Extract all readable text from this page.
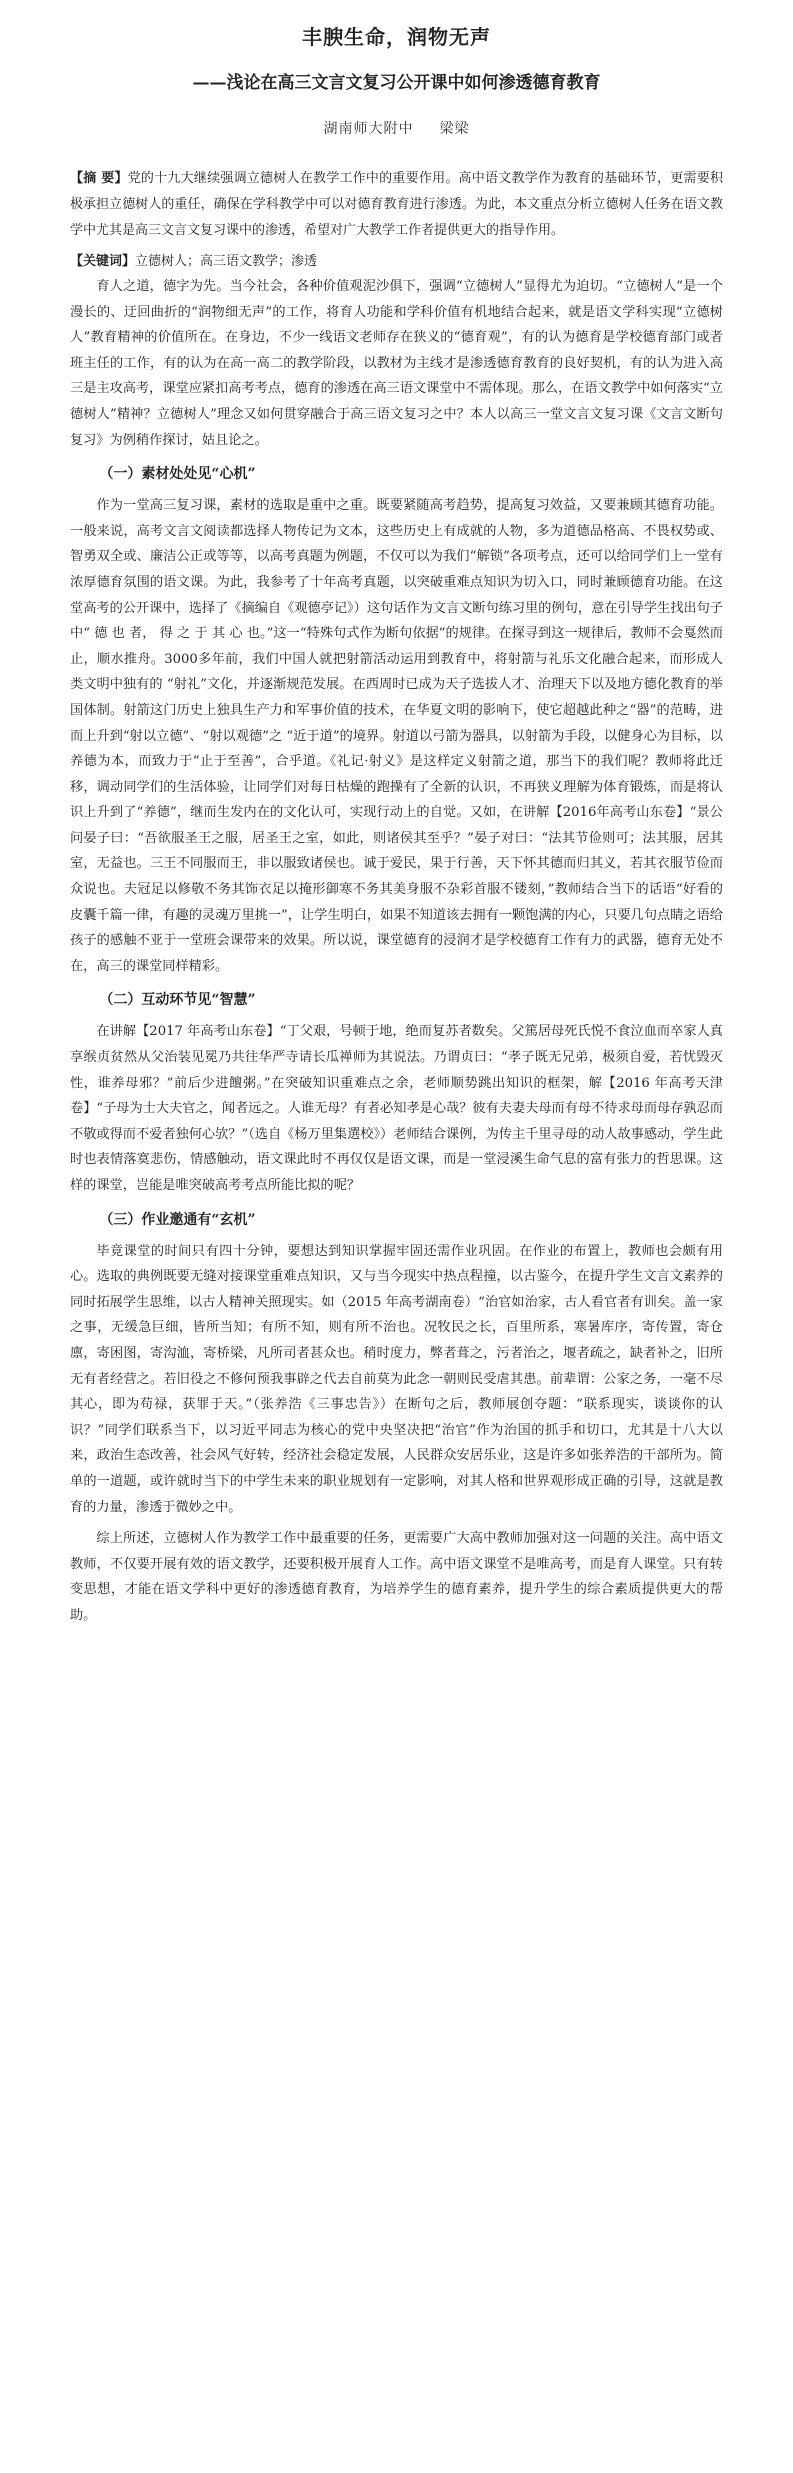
丰腴生命，润物无声
——浅论在高三文言文复习公开课中如何渗透德育教育
湖南师大附中 梁梁

【摘 要】党的十九大继续强调立德树人在教学工作中的重要作用。高中语文教学作为教育的基础环节，更需要积极承担立德树人的重任，确保在学科教学中可以对德育教育进行渗透。为此，本文重点分析立德树人任务在语文教学中尤其是高三文言文复习课中的渗透，希望对广大教学工作者提供更大的指导作用。

【关键词】立德树人；高三语文教学；渗透

育人之道，德字为先。当今社会，各种价值观泥沙俱下，强调“立德树人”显得尤为迫切。“立德树人”是一个漫长的、迂回曲折的“润物细无声”的工作，将育人功能和学科价值有机地结合起来，就是语文学科实现“立德树人”教育精神的价值所在。在身边，不少一线语文老师存在狭义的“德育观”，有的认为德育是学校德育部门或者班主任的工作，有的认为在高一高二的教学阶段，以教材为主线才是渗透德育教育的良好契机，有的认为进入高三是主攻高考，课堂应紧扣高考考点，德育的渗透在高三语文课堂中不需体现。那么，在语文教学中如何落实“立德树人”精神？立德树人”理念又如何贯穿融合于高三语文复习之中？本人以高三一堂文言文复习课《文言文断句复习》为例稍作探讨，姑且论之。

（一）素材处处见“心机”

作为一堂高三复习课，素材的选取是重中之重。既要紧随高考趋势，提高复习效益，又要兼顾其德育功能。一般来说，高考文言文阅读都选择人物传记为文本，这些历史上有成就的人物，多为道德品格高、不畏权势或、智勇双全或、廉洁公正或等等，以高考真题为例题，不仅可以为我们“解锁”各项考点，还可以给同学们上一堂有浓厚德育氛围的语文课。为此，我参考了十年高考真题，以突破重难点知识为切入口，同时兼顾德育功能。在这堂高考的公开课中，选择了《摘编自《观德亭记》）这句话作为文言文断句练习里的例句，意在引导学生找出句子中“ 德 也 者， 得 之 于 其 心 也。”这一“特殊句式作为断句依据”的规律。在探寻到这一规律后，教师不会戛然而止，顺水推舟。3000多年前，我们中国人就把射箭活动运用到教育中，将射箭与礼乐文化融合起来，而形成人类文明中独有的 “射礼”文化，并逐渐规范发展。在西周时已成为天子选拔人才、治理天下以及地方德化教育的举国体制。射箭这门历史上独具生产力和军事价值的技术，在华夏文明的影响下，使它超越此种之“器”的范畴，进而上升到“射以立德”、“射以观德”之 “近于道”的境界。射道以弓箭为器具，以射箭为手段，以健身心为目标，以养德为本，而致力于“止于至善”，合乎道。《礼记·射义》是这样定义射箭之道，那当下的我们呢？教师将此迁移，调动同学们的生活体验，让同学们对每日枯燥的跑操有了全新的认识，不再狭义理解为体育锻炼，而是将认识上升到了“养德”，继而生发内在的文化认可，实现行动上的自觉。又如，在讲解【2016年高考山东卷】“景公问晏子曰：“吾欲服圣王之服，居圣王之室，如此，则诸侯其至乎？”晏子对曰：“法其节俭则可；法其服，居其室，无益也。三王不同服而王，非以服致诸侯也。诚于爱民，果于行善，天下怀其德而归其义，若其衣服节俭而众说也。夫冠足以修敬不务其饰衣足以掩形御寒不务其美身服不杂彩首服不镂刻，”教师结合当下的话语“好看的皮囊千篇一律，有趣的灵魂万里挑一”，让学生明白，如果不知道该去拥有一颗饱满的内心，只要几句点睛之语给孩子的感触不亚于一堂班会课带来的效果。所以说，课堂德育的浸润才是学校德育工作有力的武器，德育无处不在，高三的课堂同样精彩。

（二）互动环节见“智慧”

在讲解【2017 年高考山东卷】“丁父艰，号顿于地，绝而复苏者数矣。父篤居母死氏悦不食泣血而卒家人真享缑贞贫然从父治装见冕乃共往华严寺请长瓜禅师为其说法。乃谓贞曰：“孝子既无兄弟，极须自爱，若忧毁灭性，谁养母邪？”前后少进饘粥。”在突破知识重难点之余，老师顺势跳出知识的框架，解【2016 年高考天津卷】“子母为士大夫官之，闻者远之。人谁无母？有者必知孝是心哉？彼有夫妻夫母而有母不待求母而母存孰忍而不敬或得而不爱者独何心欤？”（选自《杨万里集選校》）老师结合课例，为传主千里寻母的动人故事感动，学生此时也表情落寞悲伤，情感触动，语文课此时不再仅仅是语文课，而是一堂浸溪生命气息的富有张力的哲思课。这样的课堂，岂能是唯突破高考考点所能比拟的呢？

（三）作业邀通有“玄机”

毕竟课堂的时间只有四十分钟，要想达到知识掌握牢固还需作业巩固。在作业的布置上，教师也会颇有用心。选取的典例既要无缝对接课堂重难点知识，又与当今现实中热点程撞，以古鉴今，在提升学生文言文素养的同时拓展学生思维，以古人精神关照现实。如（2015 年高考湖南卷）“治官如治家，古人看官者有训矣。盖一家之事，无缓急巨细，皆所当知；有所不知，则有所不治也。况牧民之长，百里所系，寒暑库序，寄传置，寄仓廪，寄困图，寄沟洫，寄桥梁，凡所司者甚众也。稍时度力，弊者葺之，污者治之，堰者疏之，缺者补之，旧所无有者经营之。若旧役之不修何预我事辟之代去自前莫为此念一朝则民受虐其患。前辈谓：公家之务，一毫不尽其心，即为苟禄，获罪于天。”（张养浩《三事忠告》）在断句之后，教师展创夺题：“联系现实，谈谈你的认识？”同学们联系当下，以习近平同志为核心的党中央坚决把“治官”作为治国的抓手和切口，尤其是十八大以来，政治生态改善，社会风气好转，经济社会稳定发展，人民群众安居乐业，这是许多如张养浩的干部所为。简单的一道题，或许就时当下的中学生未来的职业规划有一定影响，对其人格和世界观形成正确的引导，这就是教育的力量，渗透于微妙之中。

综上所述，立德树人作为教学工作中最重要的任务，更需要广大高中教师加强对这一问题的关注。高中语文教师，不仅要开展有效的语文教学，还要积极开展育人工作。高中语文课堂不是唯高考，而是育人课堂。只有转变思想，才能在语文学科中更好的渗透德育教育，为培养学生的德育素养，提升学生的综合素质提供更大的帮助。
